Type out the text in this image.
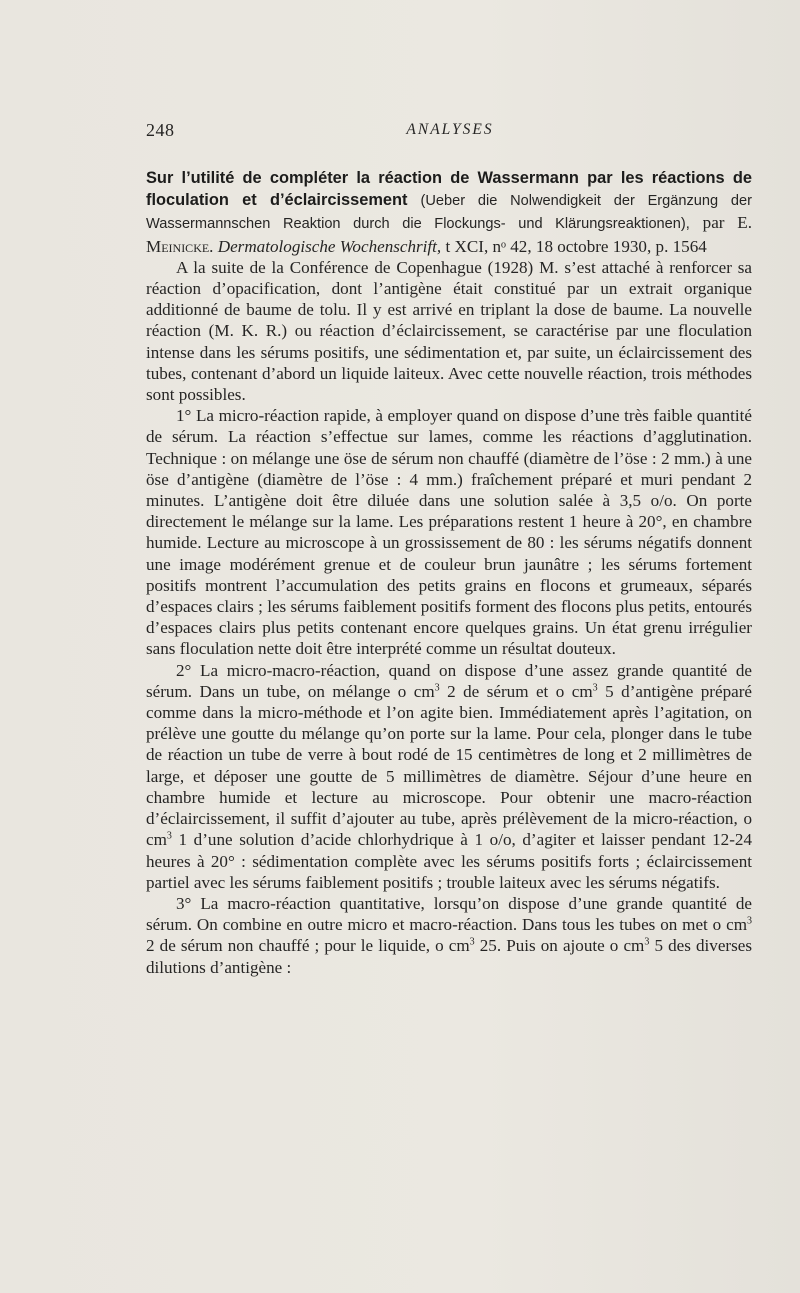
248	ANALYSES

Sur l’utilité de compléter la réaction de Wassermann par les réactions de floculation et d’éclaircissement (Ueber die Nolwendigkeit der Ergänzung der Wassermannschen Reaktion durch die Flockungs- und Klärungsreaktionen), par E. Meinicke. Dermatologische Wochenschrift, t XCI, nᵒ 42, 18 octobre 1930, p. 1564

A la suite de la Conférence de Copenhague (1928) M. s’est attaché à renforcer sa réaction d’opacification, dont l’antigène était constitué par un extrait organique additionné de baume de tolu. Il y est arrivé en triplant la dose de baume. La nouvelle réaction (M. K. R.) ou réaction d’éclaircissement, se caractérise par une floculation intense dans les sérums positifs, une sédimentation et, par suite, un éclaircissement des tubes, contenant d’abord un liquide laiteux. Avec cette nouvelle réaction, trois méthodes sont possibles.

1° La micro-réaction rapide, à employer quand on dispose d’une très faible quantité de sérum. La réaction s’effectue sur lames, comme les réactions d’agglutination. Technique : on mélange une öse de sérum non chauffé (diamètre de l’öse : 2 mm.) à une öse d’antigène (diamètre de l’öse : 4 mm.) fraîchement préparé et muri pendant 2 minutes. L’antigène doit être diluée dans une solution salée à 3,5 o/o. On porte directement le mélange sur la lame. Les préparations restent 1 heure à 20°, en chambre humide. Lecture au microscope à un grossissement de 80 : les sérums négatifs donnent une image modérément grenue et de couleur brun jaunâtre ; les sérums fortement positifs montrent l’accumulation des petits grains en flocons et grumeaux, séparés d’espaces clairs ; les sérums faiblement positifs forment des flocons plus petits, entourés d’espaces clairs plus petits contenant encore quelques grains. Un état grenu irrégulier sans floculation nette doit être interprété comme un résultat douteux.

2° La micro-macro-réaction, quand on dispose d’une assez grande quantité de sérum. Dans un tube, on mélange o $cm^3$ 2 de sérum et o $cm^3$ 5 d’antigène préparé comme dans la micro-méthode et l’on agite bien. Immédiatement après l’agitation, on prélève une goutte du mélange qu’on porte sur la lame. Pour cela, plonger dans le tube de réaction un tube de verre à bout rodé de 15 centimètres de long et 2 millimètres de large, et déposer une goutte de 5 millimètres de diamètre. Séjour d’une heure en chambre humide et lecture au microscope. Pour obtenir une macro-réaction d’éclaircissement, il suffit d’ajouter au tube, après prélèvement de la micro-réaction, o $cm^3$ 1 d’une solution d’acide chlorhydrique à 1 o/o, d’agiter et laisser pendant 12-24 heures à 20° : sédimentation complète avec les sérums positifs forts ; éclaircissement partiel avec les sérums faiblement positifs ; trouble laiteux avec les sérums négatifs.

3° La macro-réaction quantitative, lorsqu’on dispose d’une grande quantité de sérum. On combine en outre micro et macro-réaction. Dans tous les tubes on met o $cm^3$ 2 de sérum non chauffé ; pour le liquide, o $cm^3$ 25. Puis on ajoute o $cm^3$ 5 des diverses dilutions d’antigène :
